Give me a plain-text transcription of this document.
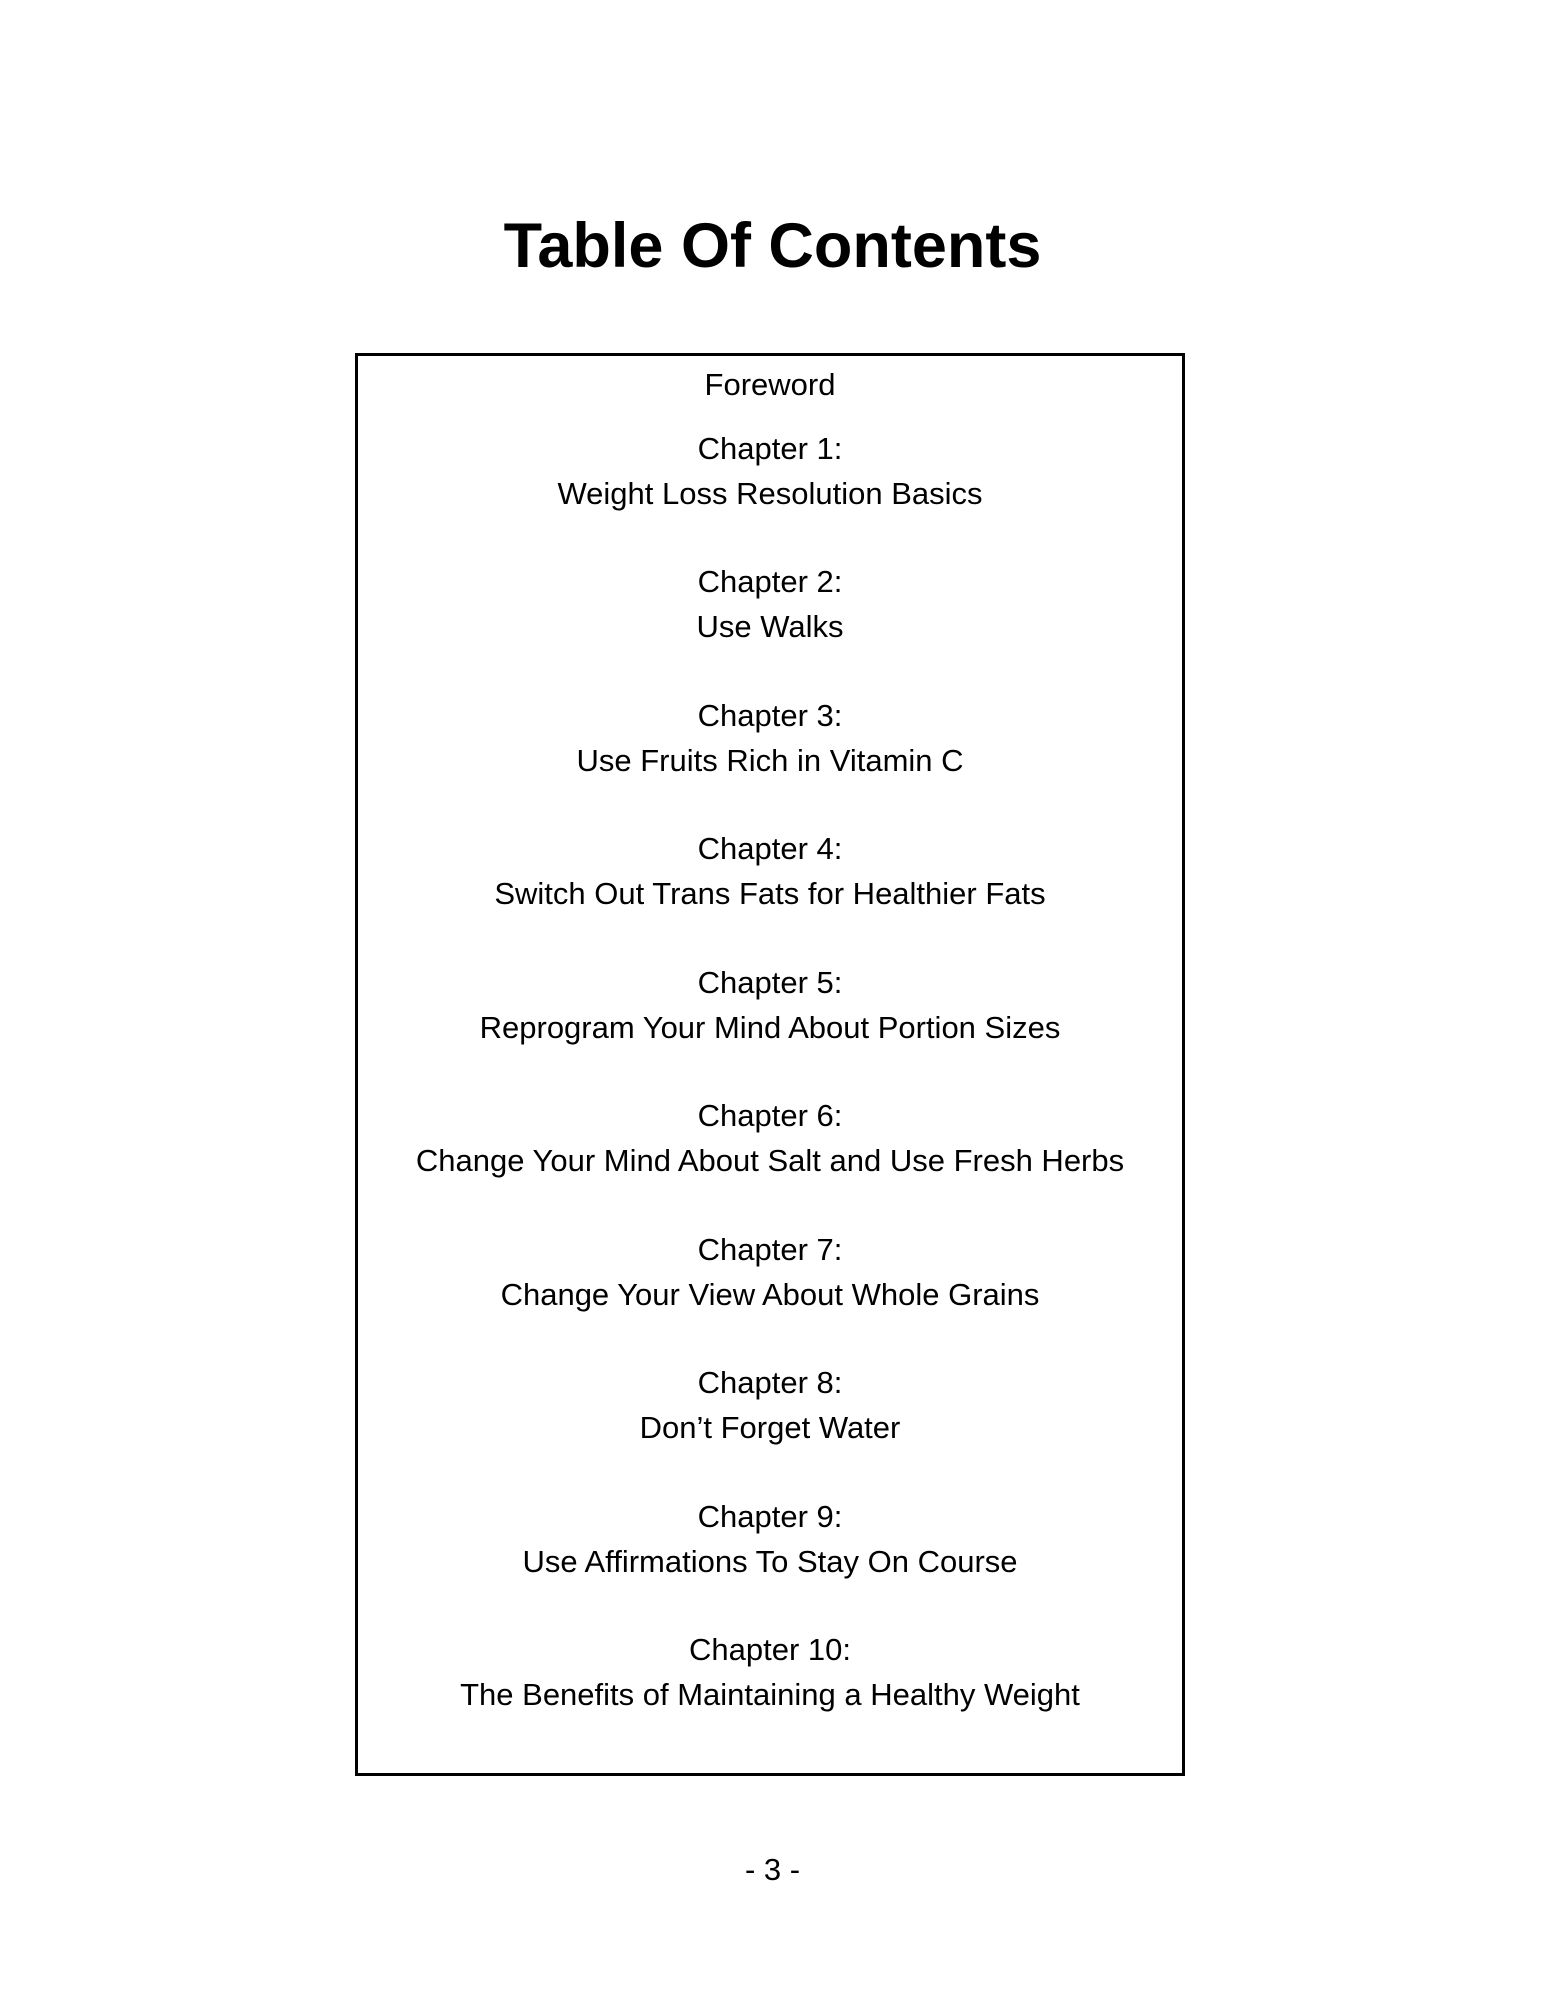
Table Of Contents
Foreword
Chapter 1:
Weight Loss Resolution Basics
Chapter 2:
Use Walks
Chapter 3:
Use Fruits Rich in Vitamin C
Chapter 4:
Switch Out Trans Fats for Healthier Fats
Chapter 5:
Reprogram Your Mind About Portion Sizes
Chapter 6:
Change Your Mind About Salt and Use Fresh Herbs
Chapter 7:
Change Your View About Whole Grains
Chapter 8:
Don’t Forget Water
Chapter 9:
Use Affirmations To Stay On Course
Chapter 10:
The Benefits of Maintaining a Healthy Weight
- 3 -
